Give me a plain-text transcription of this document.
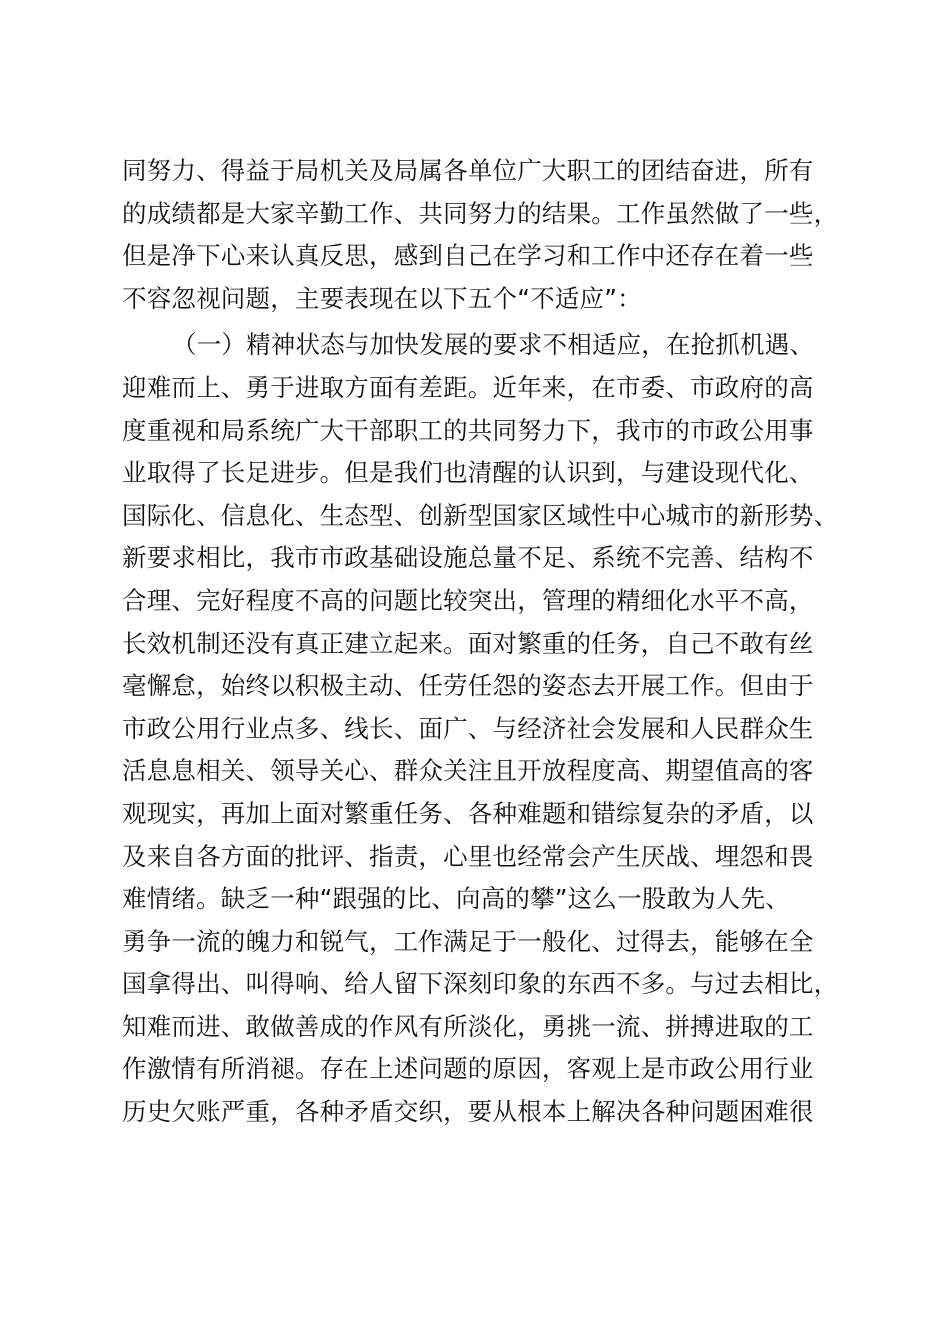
同努力、得益于局机关及局属各单位广大职工的团结奋进，所有
的成绩都是大家辛勤工作、共同努力的结果。工作虽然做了一些，
但是净下心来认真反思，感到自己在学习和工作中还存在着一些
不容忽视问题，主要表现在以下五个“不适应”：
（一）精神状态与加快发展的要求不相适应，在抢抓机遇、
迎难而上、勇于进取方面有差距。近年来，在市委、市政府的高
度重视和局系统广大干部职工的共同努力下，我市的市政公用事
业取得了长足进步。但是我们也清醒的认识到，与建设现代化、
国际化、信息化、生态型、创新型国家区域性中心城市的新形势、
新要求相比，我市市政基础设施总量不足、系统不完善、结构不
合理、完好程度不高的问题比较突出，管理的精细化水平不高，
长效机制还没有真正建立起来。面对繁重的任务，自己不敢有丝
毫懈怠，始终以积极主动、任劳任怨的姿态去开展工作。但由于
市政公用行业点多、线长、面广、与经济社会发展和人民群众生
活息息相关、领导关心、群众关注且开放程度高、期望值高的客
观现实，再加上面对繁重任务、各种难题和错综复杂的矛盾，以
及来自各方面的批评、指责，心里也经常会产生厌战、埋怨和畏
难情绪。缺乏一种“跟强的比、向高的攀”这么一股敢为人先、
勇争一流的魄力和锐气，工作满足于一般化、过得去，能够在全
国拿得出、叫得响、给人留下深刻印象的东西不多。与过去相比，
知难而进、敢做善成的作风有所淡化，勇挑一流、拼搏进取的工
作激情有所消褪。存在上述问题的原因，客观上是市政公用行业
历史欠账严重，各种矛盾交织，要从根本上解决各种问题困难很
